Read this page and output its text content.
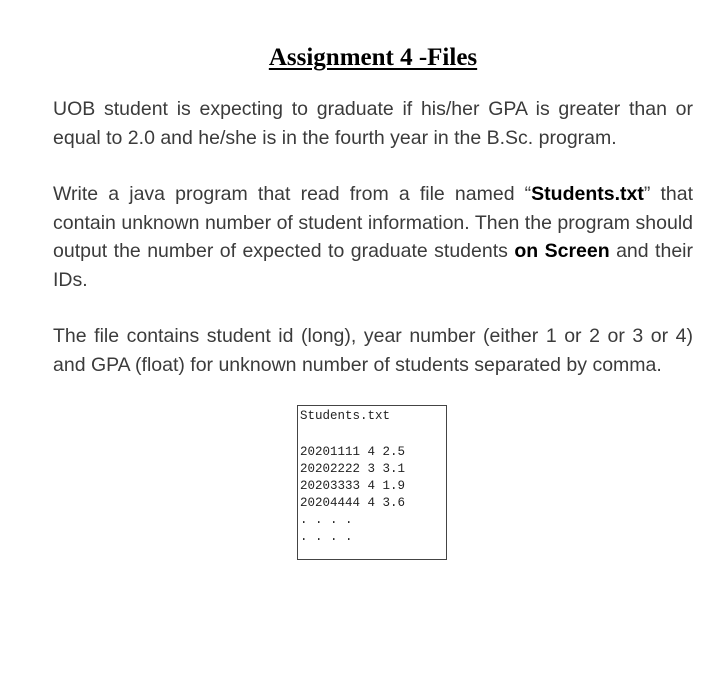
Assignment 4 -Files
UOB student is expecting to graduate if his/her GPA is greater than or equal to 2.0 and he/she is in the fourth year in the B.Sc. program.
Write a java program that read from a file named “Students.txt” that contain unknown number of student information. Then the program should output the number of expected to graduate students on Screen and their IDs.
The file contains student id (long), year number (either 1 or 2 or 3 or 4) and GPA (float) for unknown number of students separated by comma.
Students.txt
20201111 4 2.5
20202222 3 3.1
20203333 4 1.9
20204444 4 3.6
. . . .
. . . .
